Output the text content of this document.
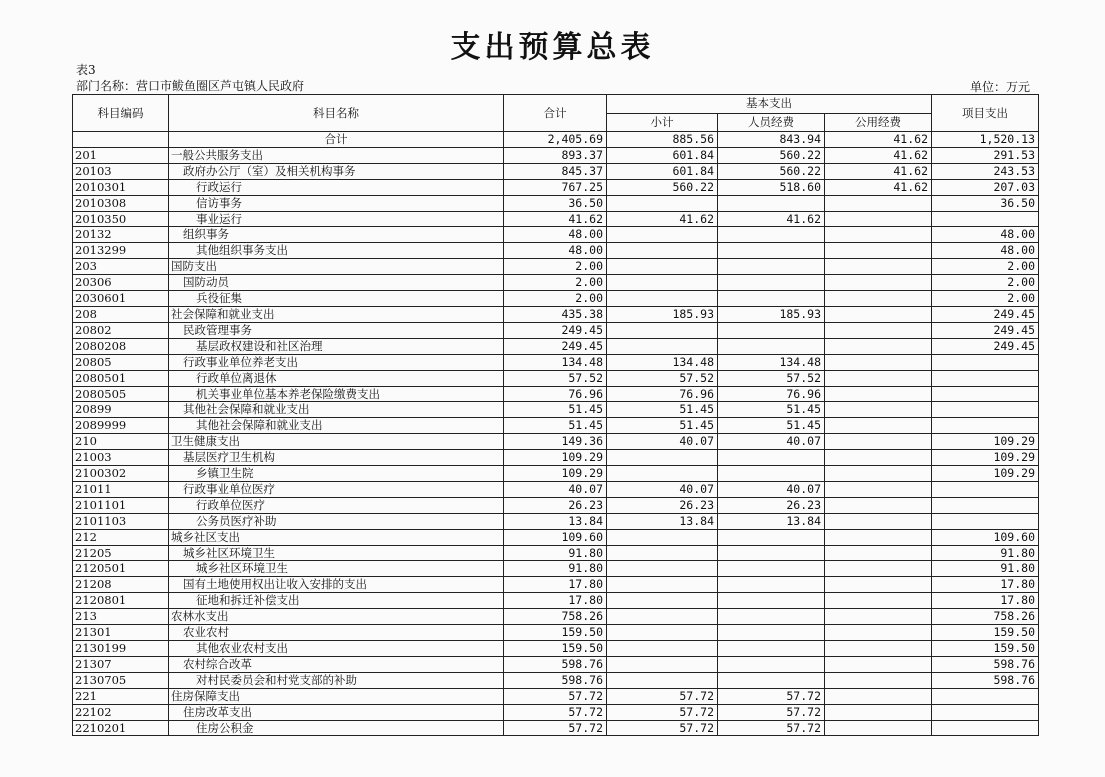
支出预算总表
表3
部门名称：营口市鲅鱼圈区芦屯镇人民政府	单位：万元
科目编码	科目名称	合计	基本支出			项目支出
			小计	人员经费	公用经费	
	合计	2,405.69	885.56	843.94	41.62	1,520.13
201	一般公共服务支出	893.37	601.84	560.22	41.62	291.53
20103	政府办公厅（室）及相关机构事务	845.37	601.84	560.22	41.62	243.53
2010301	行政运行	767.25	560.22	518.60	41.62	207.03
2010308	信访事务	36.50				36.50
2010350	事业运行	41.62	41.62	41.62		
20132	组织事务	48.00				48.00
2013299	其他组织事务支出	48.00				48.00
203	国防支出	2.00				2.00
20306	国防动员	2.00				2.00
2030601	兵役征集	2.00				2.00
208	社会保障和就业支出	435.38	185.93	185.93		249.45
20802	民政管理事务	249.45				249.45
2080208	基层政权建设和社区治理	249.45				249.45
20805	行政事业单位养老支出	134.48	134.48	134.48		
2080501	行政单位离退休	57.52	57.52	57.52		
2080505	机关事业单位基本养老保险缴费支出	76.96	76.96	76.96		
20899	其他社会保障和就业支出	51.45	51.45	51.45		
2089999	其他社会保障和就业支出	51.45	51.45	51.45		
210	卫生健康支出	149.36	40.07	40.07		109.29
21003	基层医疗卫生机构	109.29				109.29
2100302	乡镇卫生院	109.29				109.29
21011	行政事业单位医疗	40.07	40.07	40.07		
2101101	行政单位医疗	26.23	26.23	26.23		
2101103	公务员医疗补助	13.84	13.84	13.84		
212	城乡社区支出	109.60				109.60
21205	城乡社区环境卫生	91.80				91.80
2120501	城乡社区环境卫生	91.80				91.80
21208	国有土地使用权出让收入安排的支出	17.80				17.80
2120801	征地和拆迁补偿支出	17.80				17.80
213	农林水支出	758.26				758.26
21301	农业农村	159.50				159.50
2130199	其他农业农村支出	159.50				159.50
21307	农村综合改革	598.76				598.76
2130705	对村民委员会和村党支部的补助	598.76				598.76
221	住房保障支出	57.72	57.72	57.72		
22102	住房改革支出	57.72	57.72	57.72		
2210201	住房公积金	57.72	57.72	57.72		
